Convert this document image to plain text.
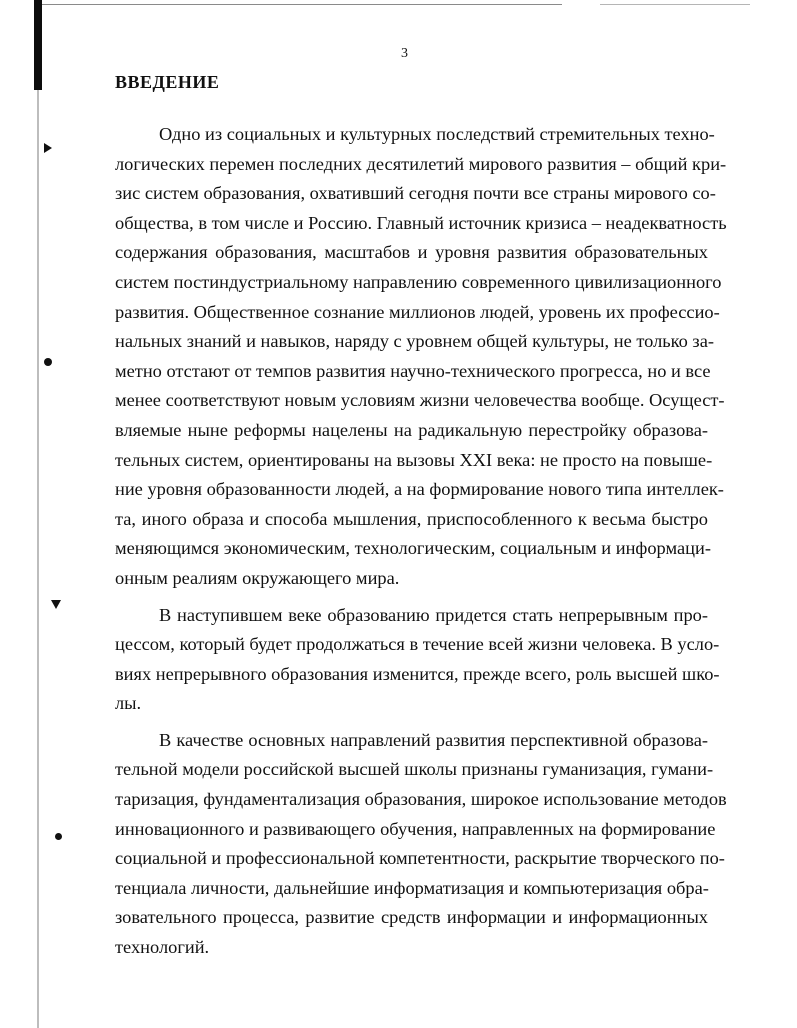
3
ВВЕДЕНИЕ
Одно из социальных и культурных последствий стремительных техно-
логических перемен последних десятилетий мирового развития – общий кри-
зис систем образования, охвативший сегодня почти все страны мирового со-
общества, в том числе и Россию. Главный источник кризиса – неадекватность
содержания образования, масштабов и уровня развития образовательных
систем постиндустриальному направлению современного цивилизационного
развития. Общественное сознание миллионов людей, уровень их профессио-
нальных знаний и навыков, наряду с уровнем общей культуры, не только за-
метно отстают от темпов развития научно-технического прогресса, но и все
менее соответствуют новым условиям жизни человечества вообще. Осущест-
вляемые ныне реформы нацелены на радикальную перестройку образова-
тельных систем, ориентированы на вызовы XXI века: не просто на повыше-
ние уровня образованности людей, а на формирование нового типа интеллек-
та, иного образа и способа мышления, приспособленного к весьма быстро
меняющимся экономическим, технологическим, социальным и информаци-
онным реалиям окружающего мира.
В наступившем веке образованию придется стать непрерывным про-
цессом, который будет продолжаться в течение всей жизни человека. В усло-
виях непрерывного образования изменится, прежде всего, роль высшей шко-
лы.
В качестве основных направлений развития перспективной образова-
тельной модели российской высшей школы признаны гуманизация, гумани-
таризация, фундаментализация образования, широкое использование методов
инновационного и развивающего обучения, направленных на формирование
социальной и профессиональной компетентности, раскрытие творческого по-
тенциала личности, дальнейшие информатизация и компьютеризация обра-
зовательного процесса, развитие средств информации и информационных
технологий.
